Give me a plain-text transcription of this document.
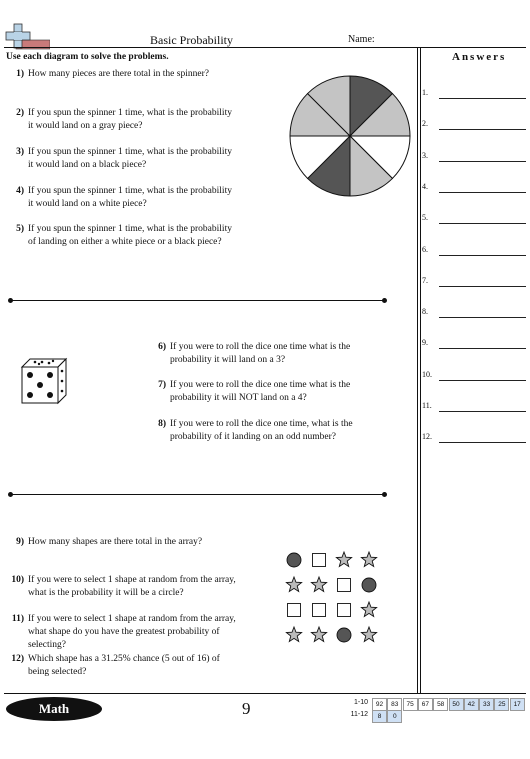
Basic Probability	Name:
Use each diagram to solve the problems.
1) How many pieces are there total in the spinner?
2) If you spun the spinner 1 time, what is the probability
it would land on a gray piece?
3) If you spun the spinner 1 time, what is the probability
it would land on a black piece?
4) If you spun the spinner 1 time, what is the probability
it would land on a white piece?
5) If you spun the spinner 1 time, what is the probability
of landing on either a white piece or a black piece?
6) If you were to roll the dice one time what is the
probability it will land on a 3?
7) If you were to roll the dice one time what is the
probability it will NOT land on a 4?
8) If you were to roll the dice one time, what is the
probability of it landing on an odd number?
9) How many shapes are there total in the array?
10) If you were to select 1 shape at random from the array,
what is the probability it will be a circle?
11) If you were to select 1 shape at random from the array,
what shape do you have the greatest probability of
selecting?
12) Which shape has a 31.25% chance (5 out of 16) of
being selected?
Answers
1.
2.
3.
4.
5.
6.
7.
8.
9.
10.
11.
12.
Math	9	1-10	92	83	75	67	58	50	42	33	25	17
11-12	8	0
